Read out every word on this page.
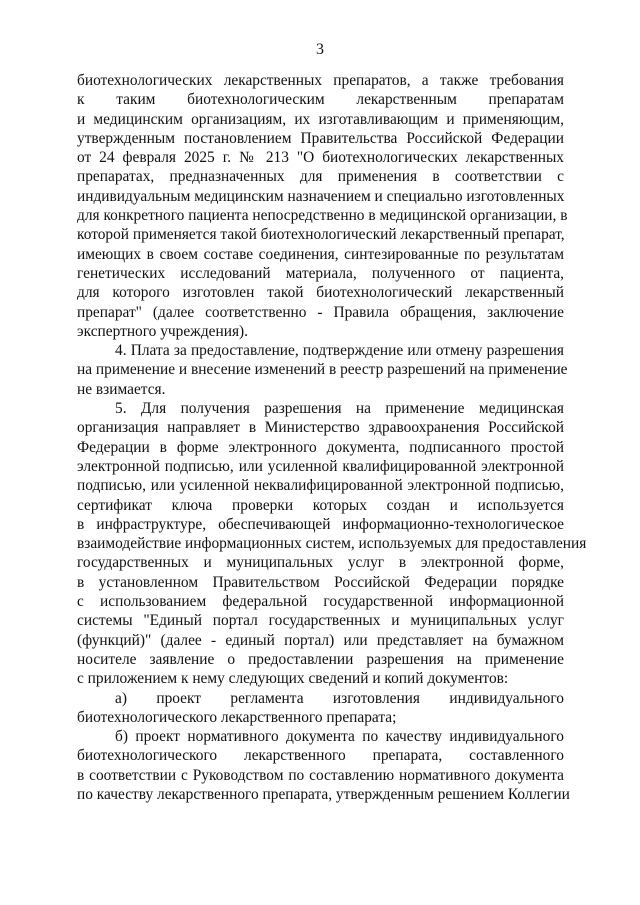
3
биотехнологических лекарственных препаратов, а также требования
к таким биотехнологическим лекарственным препаратам
и медицинским организациям, их изготавливающим и применяющим,
утвержденным постановлением Правительства Российской Федерации
от 24 февраля 2025 г. № 213 "О биотехнологических лекарственных
препаратах, предназначенных для применения в соответствии с
индивидуальным медицинским назначением и специально изготовленных
для конкретного пациента непосредственно в медицинской организации, в
которой применяется такой биотехнологический лекарственный препарат,
имеющих в своем составе соединения, синтезированные по результатам
генетических исследований материала, полученного от пациента,
для которого изготовлен такой биотехнологический лекарственный
препарат" (далее соответственно - Правила обращения, заключение
экспертного учреждения).
4. Плата за предоставление, подтверждение или отмену разрешения
на применение и внесение изменений в реестр разрешений на применение
не взимается.
5. Для получения разрешения на применение медицинская
организация направляет в Министерство здравоохранения Российской
Федерации в форме электронного документа, подписанного простой
электронной подписью, или усиленной квалифицированной электронной
подписью, или усиленной неквалифицированной электронной подписью,
сертификат ключа проверки которых создан и используется
в инфраструктуре, обеспечивающей информационно-технологическое
взаимодействие информационных систем, используемых для предоставления
государственных и муниципальных услуг в электронной форме,
в установленном Правительством Российской Федерации порядке
с использованием федеральной государственной информационной
системы "Единый портал государственных и муниципальных услуг
(функций)" (далее - единый портал) или представляет на бумажном
носителе заявление о предоставлении разрешения на применение
с приложением к нему следующих сведений и копий документов:
а) проект регламента изготовления индивидуального
биотехнологического лекарственного препарата;
б) проект нормативного документа по качеству индивидуального
биотехнологического лекарственного препарата, составленного
в соответствии с Руководством по составлению нормативного документа
по качеству лекарственного препарата, утвержденным решением Коллегии
